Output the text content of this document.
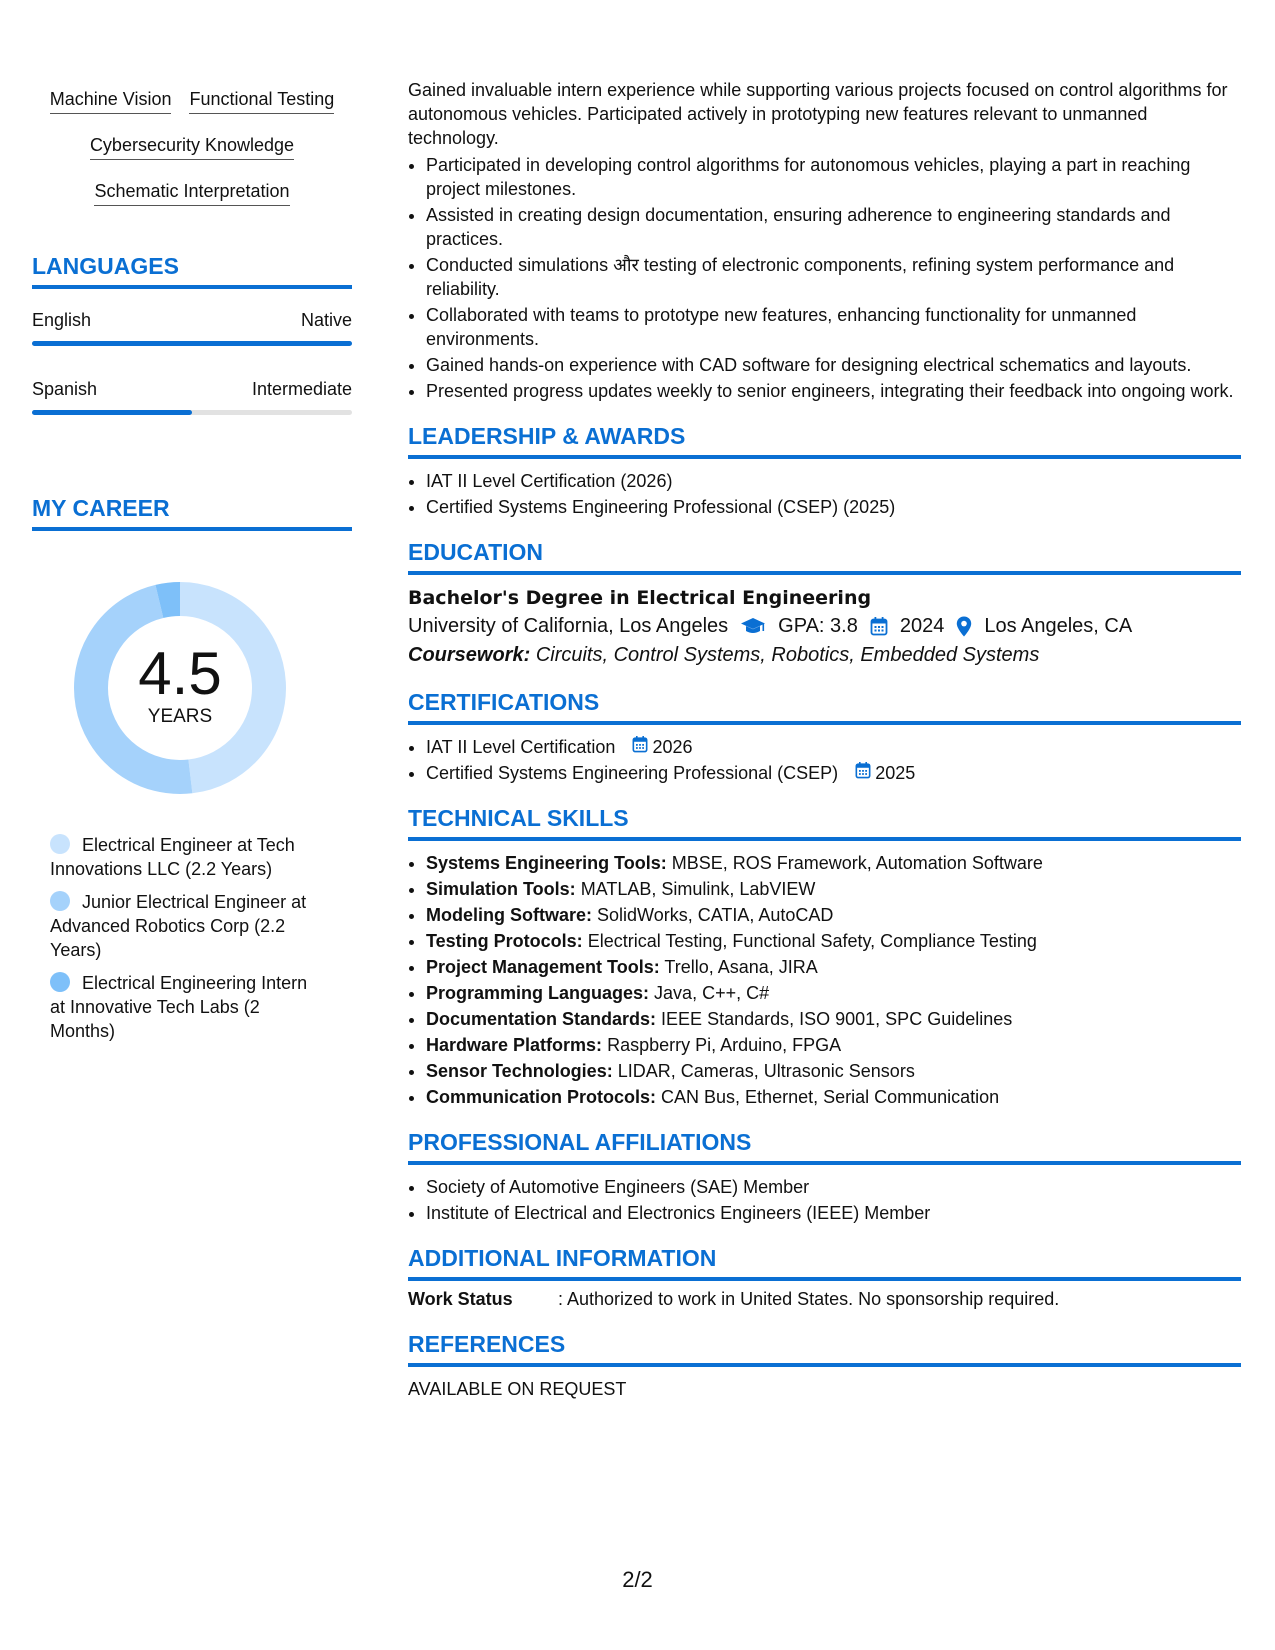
Machine Vision Functional Testing
Cybersecurity Knowledge
Schematic Interpretation
LANGUAGES
English	Native
Spanish	Intermediate
MY CAREER
4.5
YEARS
Electrical Engineer at Tech Innovations LLC (2.2 Years)
Junior Electrical Engineer at Advanced Robotics Corp (2.2 Years)
Electrical Engineering Intern at Innovative Tech Labs (2 Months)

Gained invaluable intern experience while supporting various projects focused on control algorithms for autonomous vehicles. Participated actively in prototyping new features relevant to unmanned technology.

• Participated in developing control algorithms for autonomous vehicles, playing a part in reaching project milestones.
• Assisted in creating design documentation, ensuring adherence to engineering standards and practices.
• Conducted simulations और testing of electronic components, refining system performance and reliability.
• Collaborated with teams to prototype new features, enhancing functionality for unmanned environments.
• Gained hands-on experience with CAD software for designing electrical schematics and layouts.
• Presented progress updates weekly to senior engineers, integrating their feedback into ongoing work.
LEADERSHIP & AWARDS
• IAT II Level Certification (2026)
• Certified Systems Engineering Professional (CSEP) (2025)
EDUCATION
Bachelor's Degree in Electrical Engineering
University of California, Los Angeles	GPA: 3.8 2024 Los Angeles, CA
Coursework: Circuits, Control Systems, Robotics, Embedded Systems
CERTIFICATIONS
• IAT II Level Certification 2026
• Certified Systems Engineering Professional (CSEP) 2025
TECHNICAL SKILLS
• Systems Engineering Tools: MBSE, ROS Framework, Automation Software
• Simulation Tools: MATLAB, Simulink, LabVIEW
• Modeling Software: SolidWorks, CATIA, AutoCAD
• Testing Protocols: Electrical Testing, Functional Safety, Compliance Testing
• Project Management Tools: Trello, Asana, JIRA
• Programming Languages: Java, C++, C#
• Documentation Standards: IEEE Standards, ISO 9001, SPC Guidelines
• Hardware Platforms: Raspberry Pi, Arduino, FPGA
• Sensor Technologies: LIDAR, Cameras, Ultrasonic Sensors
• Communication Protocols: CAN Bus, Ethernet, Serial Communication
PROFESSIONAL AFFILIATIONS
• Society of Automotive Engineers (SAE) Member
• Institute of Electrical and Electronics Engineers (IEEE) Member
ADDITIONAL INFORMATION
Work Status	: Authorized to work in United States. No sponsorship required.
REFERENCES

AVAILABLE ON REQUEST

2/2
